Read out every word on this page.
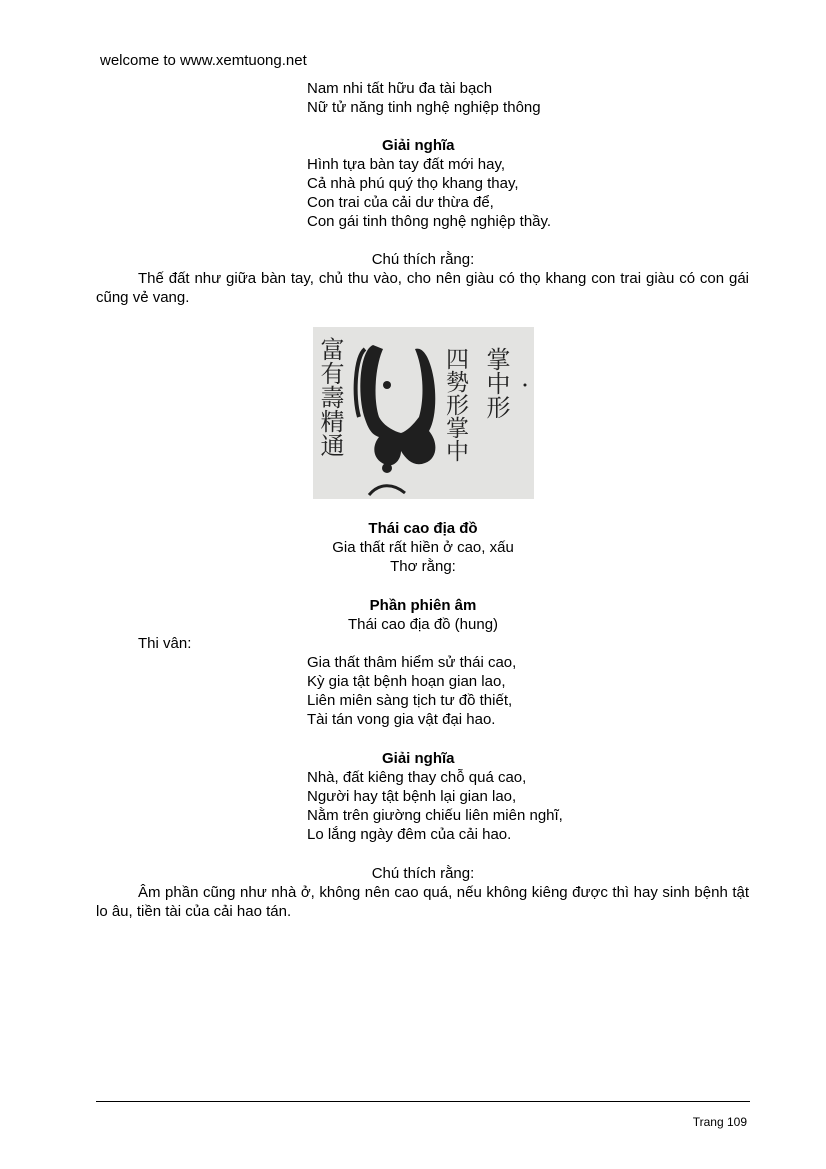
welcome to www.xemtuong.net

Nam nhi tất hữu đa tài bạch

Nữ tử năng tinh nghệ nghiệp thông

Giải nghĩa

Hình tựa bàn tay đất mới hay,

Cả nhà phú quý thọ khang thay,

Con trai của cải dư thừa để,

Con gái tinh thông nghệ nghiệp thầy.

Chú thích rằng:

Thế đất như giữa bàn tay, chủ thu vào, cho nên giàu có thọ khang con trai giàu có con gái cũng vẻ vang.

富有壽精通	四勢形掌中 掌中形

Thái cao địa đồ

Gia thất rất hiền ở cao, xấu

Thơ rằng:

Phần phiên âm

Thái cao địa đồ (hung)

Thi vân:

Gia thất thâm hiểm sử thái cao,

Kỳ gia tật bệnh hoạn gian lao,

Liên miên sàng tịch tư đồ thiết,

Tài tán vong gia vật đại hao.

Giải nghĩa

Nhà, đất kiêng thay chỗ quá cao,

Người hay tật bệnh lại gian lao,

Nằm trên giường chiếu liên miên nghĩ,

Lo lắng ngày đêm của cải hao.

Chú thích rằng:

Âm phần cũng như nhà ở, không nên cao quá, nếu không kiêng được thì hay sinh bệnh tật lo âu, tiền tài của cải hao tán.

Trang 109
